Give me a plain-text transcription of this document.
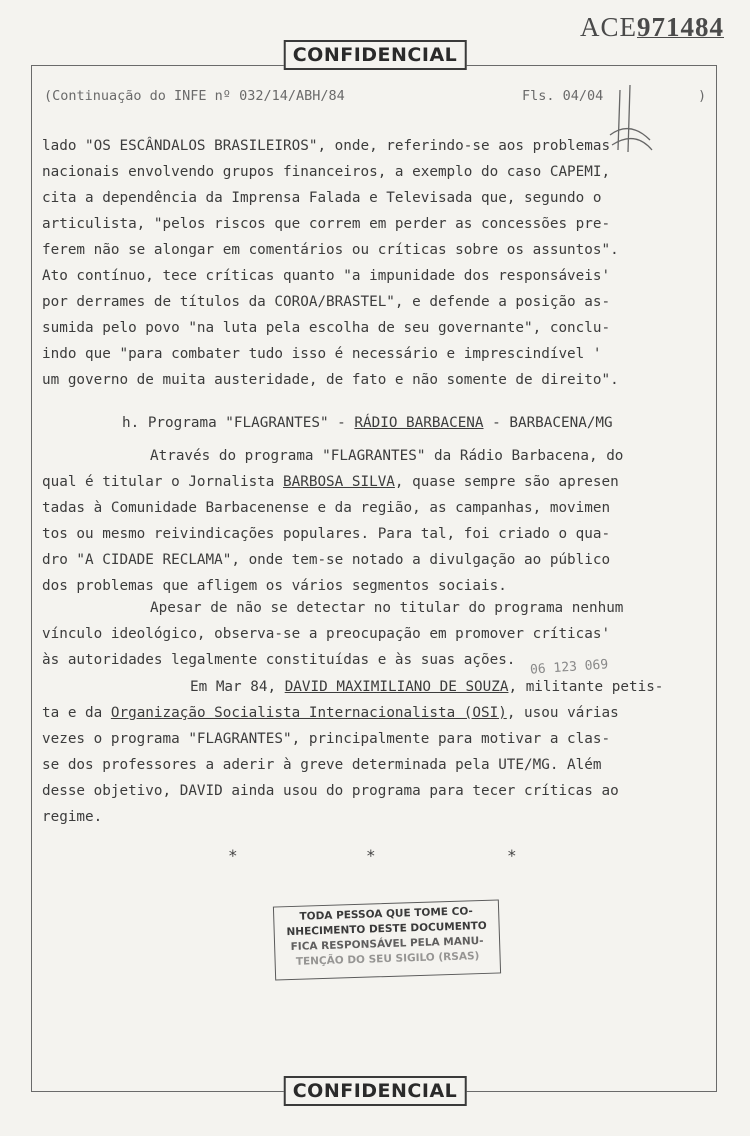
ACE971484
CONFIDENCIAL
(Continuação do INFE nº 032/14/ABH/84	Fls. 04/04	)
lado "OS ESCÂNDALOS BRASILEIROS", onde, referindo-se aos problemas
nacionais envolvendo grupos financeiros, a exemplo do caso CAPEMI,
cita a dependência da Imprensa Falada e Televisada que, segundo o
articulista, "pelos riscos que correm em perder as concessões pre-
ferem não se alongar em comentários ou críticas sobre os assuntos".
Ato contínuo, tece críticas quanto "a impunidade dos responsáveis'
por derrames de títulos da COROA/BRASTEL", e defende a posição as-
sumida pelo povo "na luta pela escolha de seu governante", conclu-
indo que "para combater tudo isso é necessário e imprescindível '
um governo de muita austeridade, de fato e não somente de direito".
h. Programa "FLAGRANTES" - RÁDIO BARBACENA - BARBACENA/MG
Através do programa "FLAGRANTES" da Rádio Barbacena, do
qual é titular o Jornalista BARBOSA SILVA, quase sempre são apresen
tadas à Comunidade Barbacenense e da região, as campanhas, movimen
tos ou mesmo reivindicações populares. Para tal, foi criado o qua-
dro "A CIDADE RECLAMA", onde tem-se notado a divulgação ao público
dos problemas que afligem os vários segmentos sociais.
Apesar de não se detectar no titular do programa nenhum
vínculo ideológico, observa-se a preocupação em promover críticas'
às autoridades legalmente constituídas e às suas ações.	06 123 069
Em Mar 84, DAVID MAXIMILIANO DE SOUZA, militante petis-
ta e da Organização Socialista Internacionalista (OSI), usou várias
vezes o programa "FLAGRANTES", principalmente para motivar a clas-
se dos professores a aderir à greve determinada pela UTE/MG. Além
desse objetivo, DAVID ainda usou do programa para tecer críticas ao
regime.
*	*	*
TODA PESSOA QUE TOME CO-
NHECIMENTO DESTE DOCUMENTO
FICA RESPONSÁVEL PELA MANU-
TENÇÃO DO SEU SIGILO (RSAS)
CONFIDENCIAL
